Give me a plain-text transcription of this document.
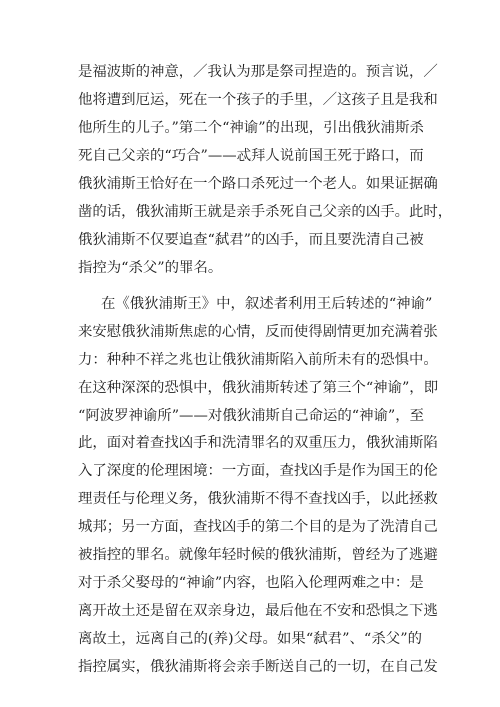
是福波斯的神意，／我认为那是祭司捏造的。预言说，／
他将遭到厄运，死在一个孩子的手里，／这孩子且是我和
他所生的儿子。”第二个“神谕”的出现，引出俄狄浦斯杀
死自己父亲的“巧合”——忒拜人说前国王死于路口，而
俄狄浦斯王恰好在一个路口杀死过一个老人。如果证据确
凿的话，俄狄浦斯王就是亲手杀死自己父亲的凶手。此时，
俄狄浦斯不仅要追查“弑君”的凶手，而且要洗清自己被
指控为“杀父”的罪名。
在《俄狄浦斯王》中，叙述者利用王后转述的“神谕”
来安慰俄狄浦斯焦虑的心情，反而使得剧情更加充满着张
力：种种不祥之兆也让俄狄浦斯陷入前所未有的恐惧中。
在这种深深的恐惧中，俄狄浦斯转述了第三个“神谕”，即
“阿波罗神谕所”——对俄狄浦斯自己命运的“神谕”，至
此，面对着查找凶手和洗清罪名的双重压力，俄狄浦斯陷
入了深度的伦理困境：一方面，查找凶手是作为国王的伦
理责任与伦理义务，俄狄浦斯不得不查找凶手，以此拯救
城邦；另一方面，查找凶手的第二个目的是为了洗清自己
被指控的罪名。就像年轻时候的俄狄浦斯，曾经为了逃避
对于杀父娶母的“神谕”内容，也陷入伦理两难之中：是
离开故土还是留在双亲身边，最后他在不安和恐惧之下逃
离故土，远离自己的(养)父母。如果“弑君”、“杀父”的
指控属实，俄狄浦斯将会亲手断送自己的一切，在自己发
